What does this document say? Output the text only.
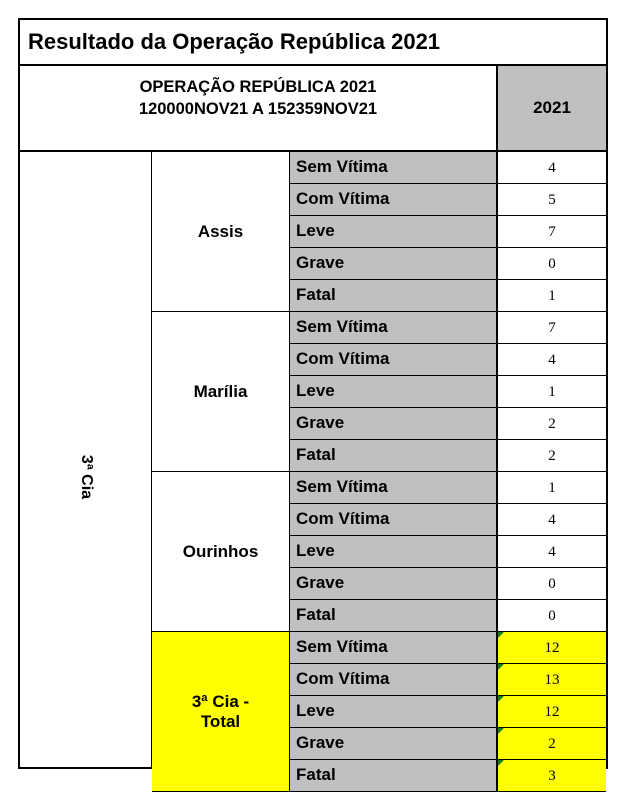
Resultado da Operação República 2021
OPERAÇÃO REPÚBLICA 2021
120000NOV21 A 152359NOV21	2021
3ª Cia
Assis
Sem Vítima	4
Com Vítima	5
Leve	7
Grave	0
Fatal	1
Marília
Sem Vítima	7
Com Vítima	4
Leve	1
Grave	2
Fatal	2
Ourinhos
Sem Vítima	1
Com Vítima	4
Leve	4
Grave	0
Fatal	0
3ª Cia - Total
Sem Vítima	12
Com Vítima	13
Leve	12
Grave	2
Fatal	3
